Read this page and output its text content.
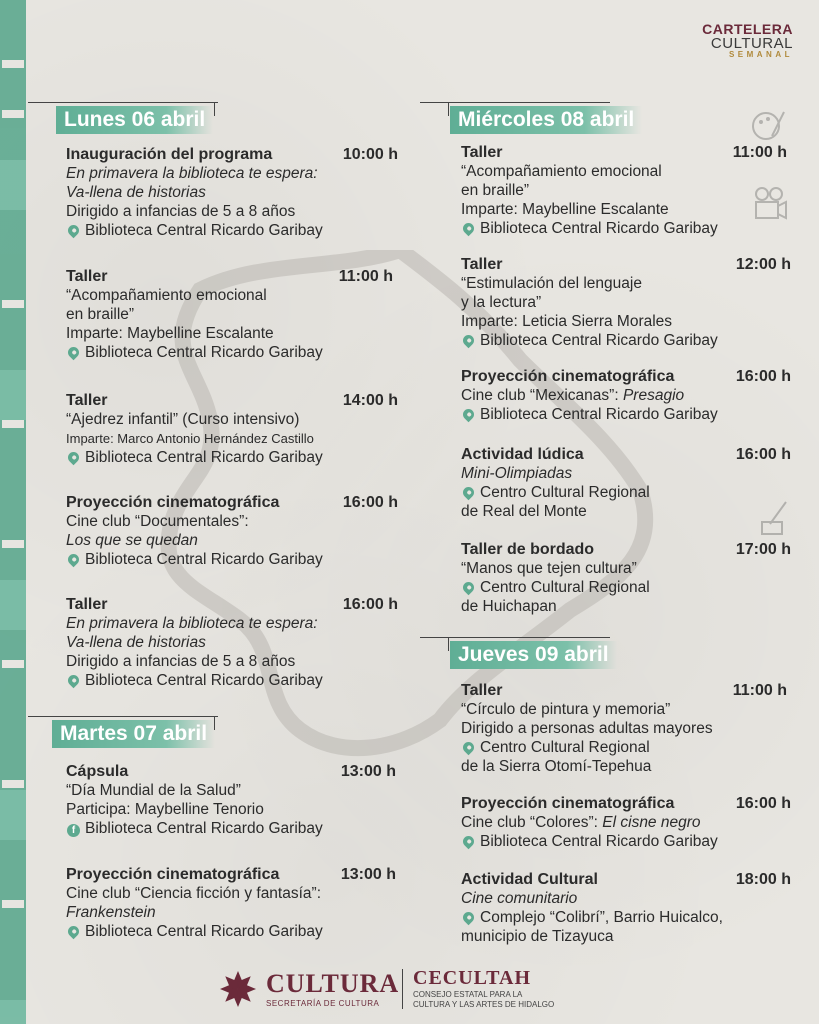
CARTELERA
CULTURAL
SEMANAL
Lunes 06 abril
Inauguración del programa	10:00 h
En primavera la biblioteca te espera:
Va-llena de historias
Dirigido a infancias de 5 a 8 años
Biblioteca Central Ricardo Garibay
Taller	11:00 h
“Acompañamiento emocional
en braille”
Imparte: Maybelline Escalante
Biblioteca Central Ricardo Garibay
Taller	14:00 h
“Ajedrez infantil” (Curso intensivo)
Imparte: Marco Antonio Hernández Castillo
Biblioteca Central Ricardo Garibay
Proyección cinematográfica	16:00 h
Cine club “Documentales”:
Los que se quedan
Biblioteca Central Ricardo Garibay
Taller	16:00 h
En primavera la biblioteca te espera:
Va-llena de historias
Dirigido a infancias de 5 a 8 años
Biblioteca Central Ricardo Garibay
Martes 07 abril
Cápsula	13:00 h
“Día Mundial de la Salud”
Participa: Maybelline Tenorio
f Biblioteca Central Ricardo Garibay
Proyección cinematográfica	13:00 h
Cine club “Ciencia ficción y fantasía”:
Frankenstein
Biblioteca Central Ricardo Garibay
Miércoles 08 abril
Taller	11:00 h
“Acompañamiento emocional
en braille”
Imparte: Maybelline Escalante
Biblioteca Central Ricardo Garibay
Taller	12:00 h
“Estimulación del lenguaje
y la lectura”
Imparte: Leticia Sierra Morales
Biblioteca Central Ricardo Garibay
Proyección cinematográfica	16:00 h
Cine club “Mexicanas”: Presagio
Biblioteca Central Ricardo Garibay
Actividad lúdica	16:00 h
Mini-Olimpiadas
Centro Cultural Regional
de Real del Monte
Taller de bordado	17:00 h
“Manos que tejen cultura”
Centro Cultural Regional
de Huichapan
Jueves 09 abril
Taller	11:00 h
“Círculo de pintura y memoria”
Dirigido a personas adultas mayores
Centro Cultural Regional
de la Sierra Otomí-Tepehua
Proyección cinematográfica	16:00 h
Cine club “Colores”: El cisne negro
Biblioteca Central Ricardo Garibay
Actividad Cultural	18:00 h
Cine comunitario
Complejo “Colibrí”, Barrio Huicalco,
municipio de Tizayuca
CULTURA
SECRETARÍA DE CULTURA
CECULTAH
CONSEJO ESTATAL PARA LA
CULTURA Y LAS ARTES DE HIDALGO
